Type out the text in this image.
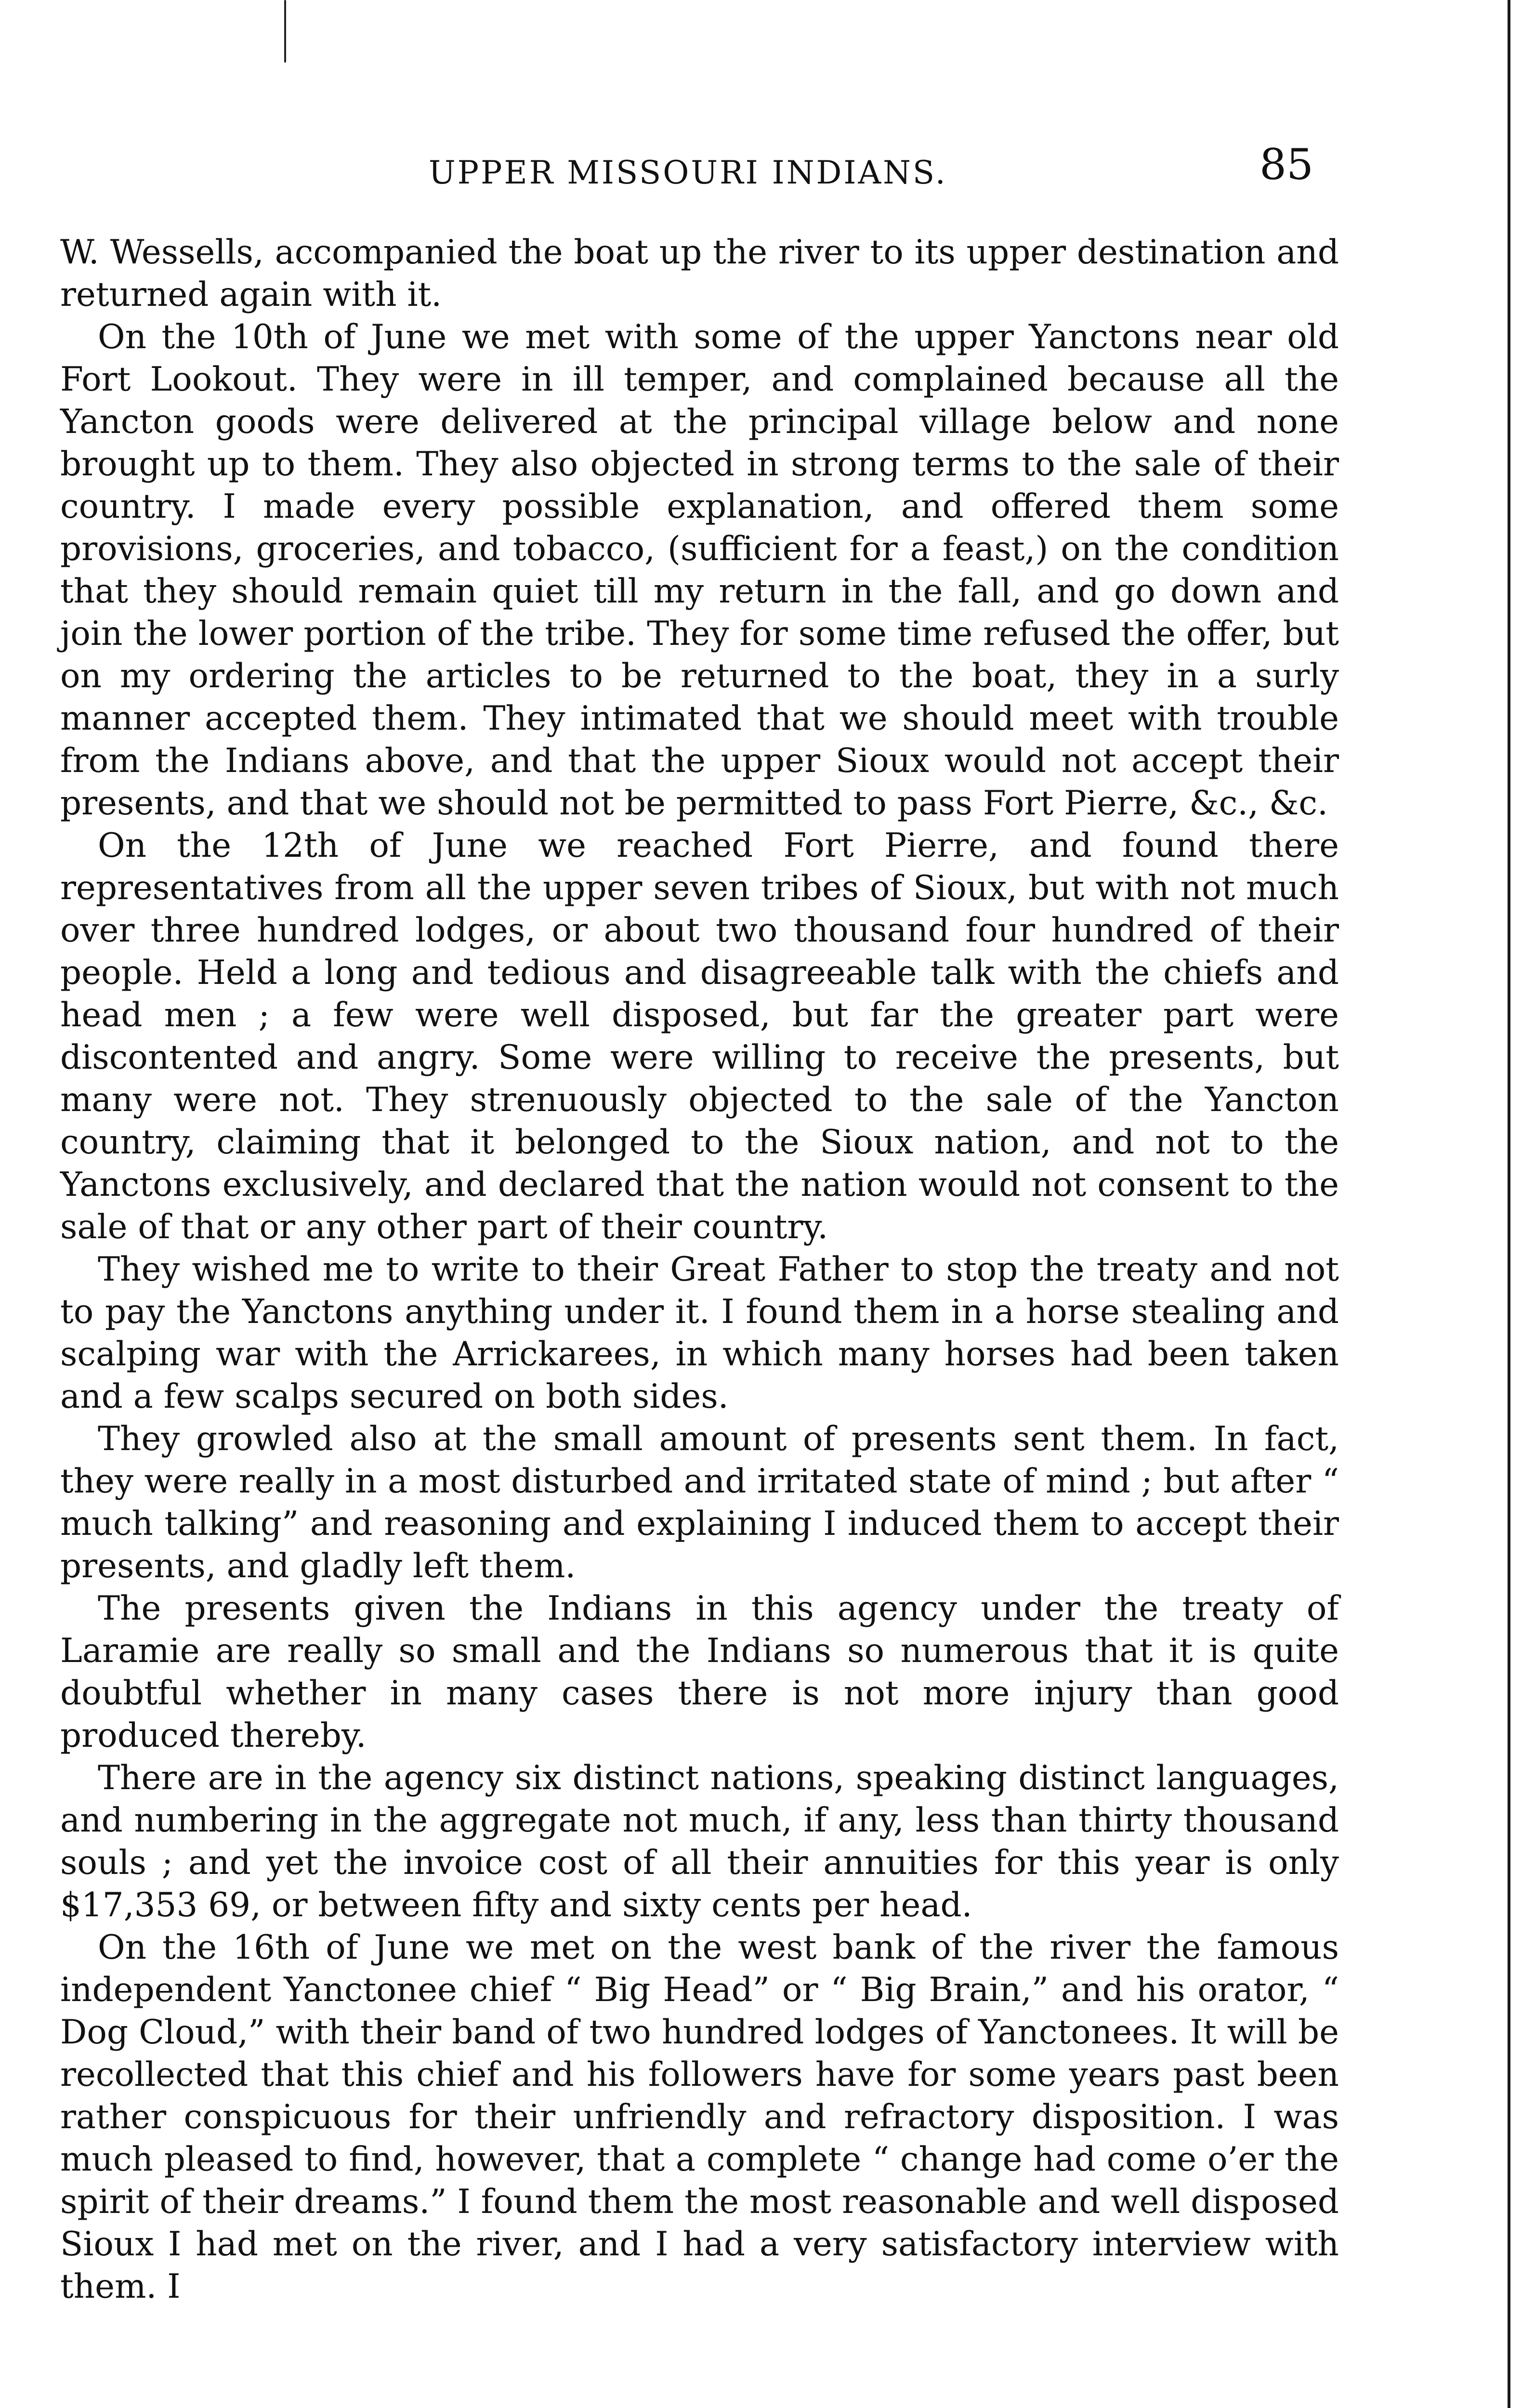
UPPER MISSOURI INDIANS.	85

W. Wessells, accompanied the boat up the river to its upper destination and returned again with it.

On the 10th of June we met with some of the upper Yanctons near old Fort Lookout. They were in ill temper, and complained because all the Yancton goods were delivered at the principal village below and none brought up to them. They also objected in strong terms to the sale of their country. I made every possible explanation, and offered them some provisions, groceries, and tobacco, (sufficient for a feast,) on the condition that they should remain quiet till my return in the fall, and go down and join the lower portion of the tribe. They for some time refused the offer, but on my ordering the articles to be returned to the boat, they in a surly manner accepted them. They intimated that we should meet with trouble from the Indians above, and that the upper Sioux would not accept their presents, and that we should not be permitted to pass Fort Pierre, &c., &c.

On the 12th of June we reached Fort Pierre, and found there representatives from all the upper seven tribes of Sioux, but with not much over three hundred lodges, or about two thousand four hundred of their people. Held a long and tedious and disagreeable talk with the chiefs and head men ; a few were well disposed, but far the greater part were discontented and angry. Some were willing to receive the presents, but many were not. They strenuously objected to the sale of the Yancton country, claiming that it belonged to the Sioux nation, and not to the Yanctons exclusively, and declared that the nation would not consent to the sale of that or any other part of their country.

They wished me to write to their Great Father to stop the treaty and not to pay the Yanctons anything under it. I found them in a horse stealing and scalping war with the Arrickarees, in which many horses had been taken and a few scalps secured on both sides.

They growled also at the small amount of presents sent them. In fact, they were really in a most disturbed and irritated state of mind ; but after “ much talking” and reasoning and explaining I induced them to accept their presents, and gladly left them.

The presents given the Indians in this agency under the treaty of Laramie are really so small and the Indians so numerous that it is quite doubtful whether in many cases there is not more injury than good produced thereby.

There are in the agency six distinct nations, speaking distinct languages, and numbering in the aggregate not much, if any, less than thirty thousand souls ; and yet the invoice cost of all their annuities for this year is only $17,353 69, or between fifty and sixty cents per head.

On the 16th of June we met on the west bank of the river the famous independent Yanctonee chief “ Big Head” or “ Big Brain,” and his orator, “ Dog Cloud,” with their band of two hundred lodges of Yanctonees. It will be recollected that this chief and his followers have for some years past been rather conspicuous for their unfriendly and refractory disposition. I was much pleased to find, however, that a complete “ change had come o’er the spirit of their dreams.” I found them the most reasonable and well disposed Sioux I had met on the river, and I had a very satisfactory interview with them. I
